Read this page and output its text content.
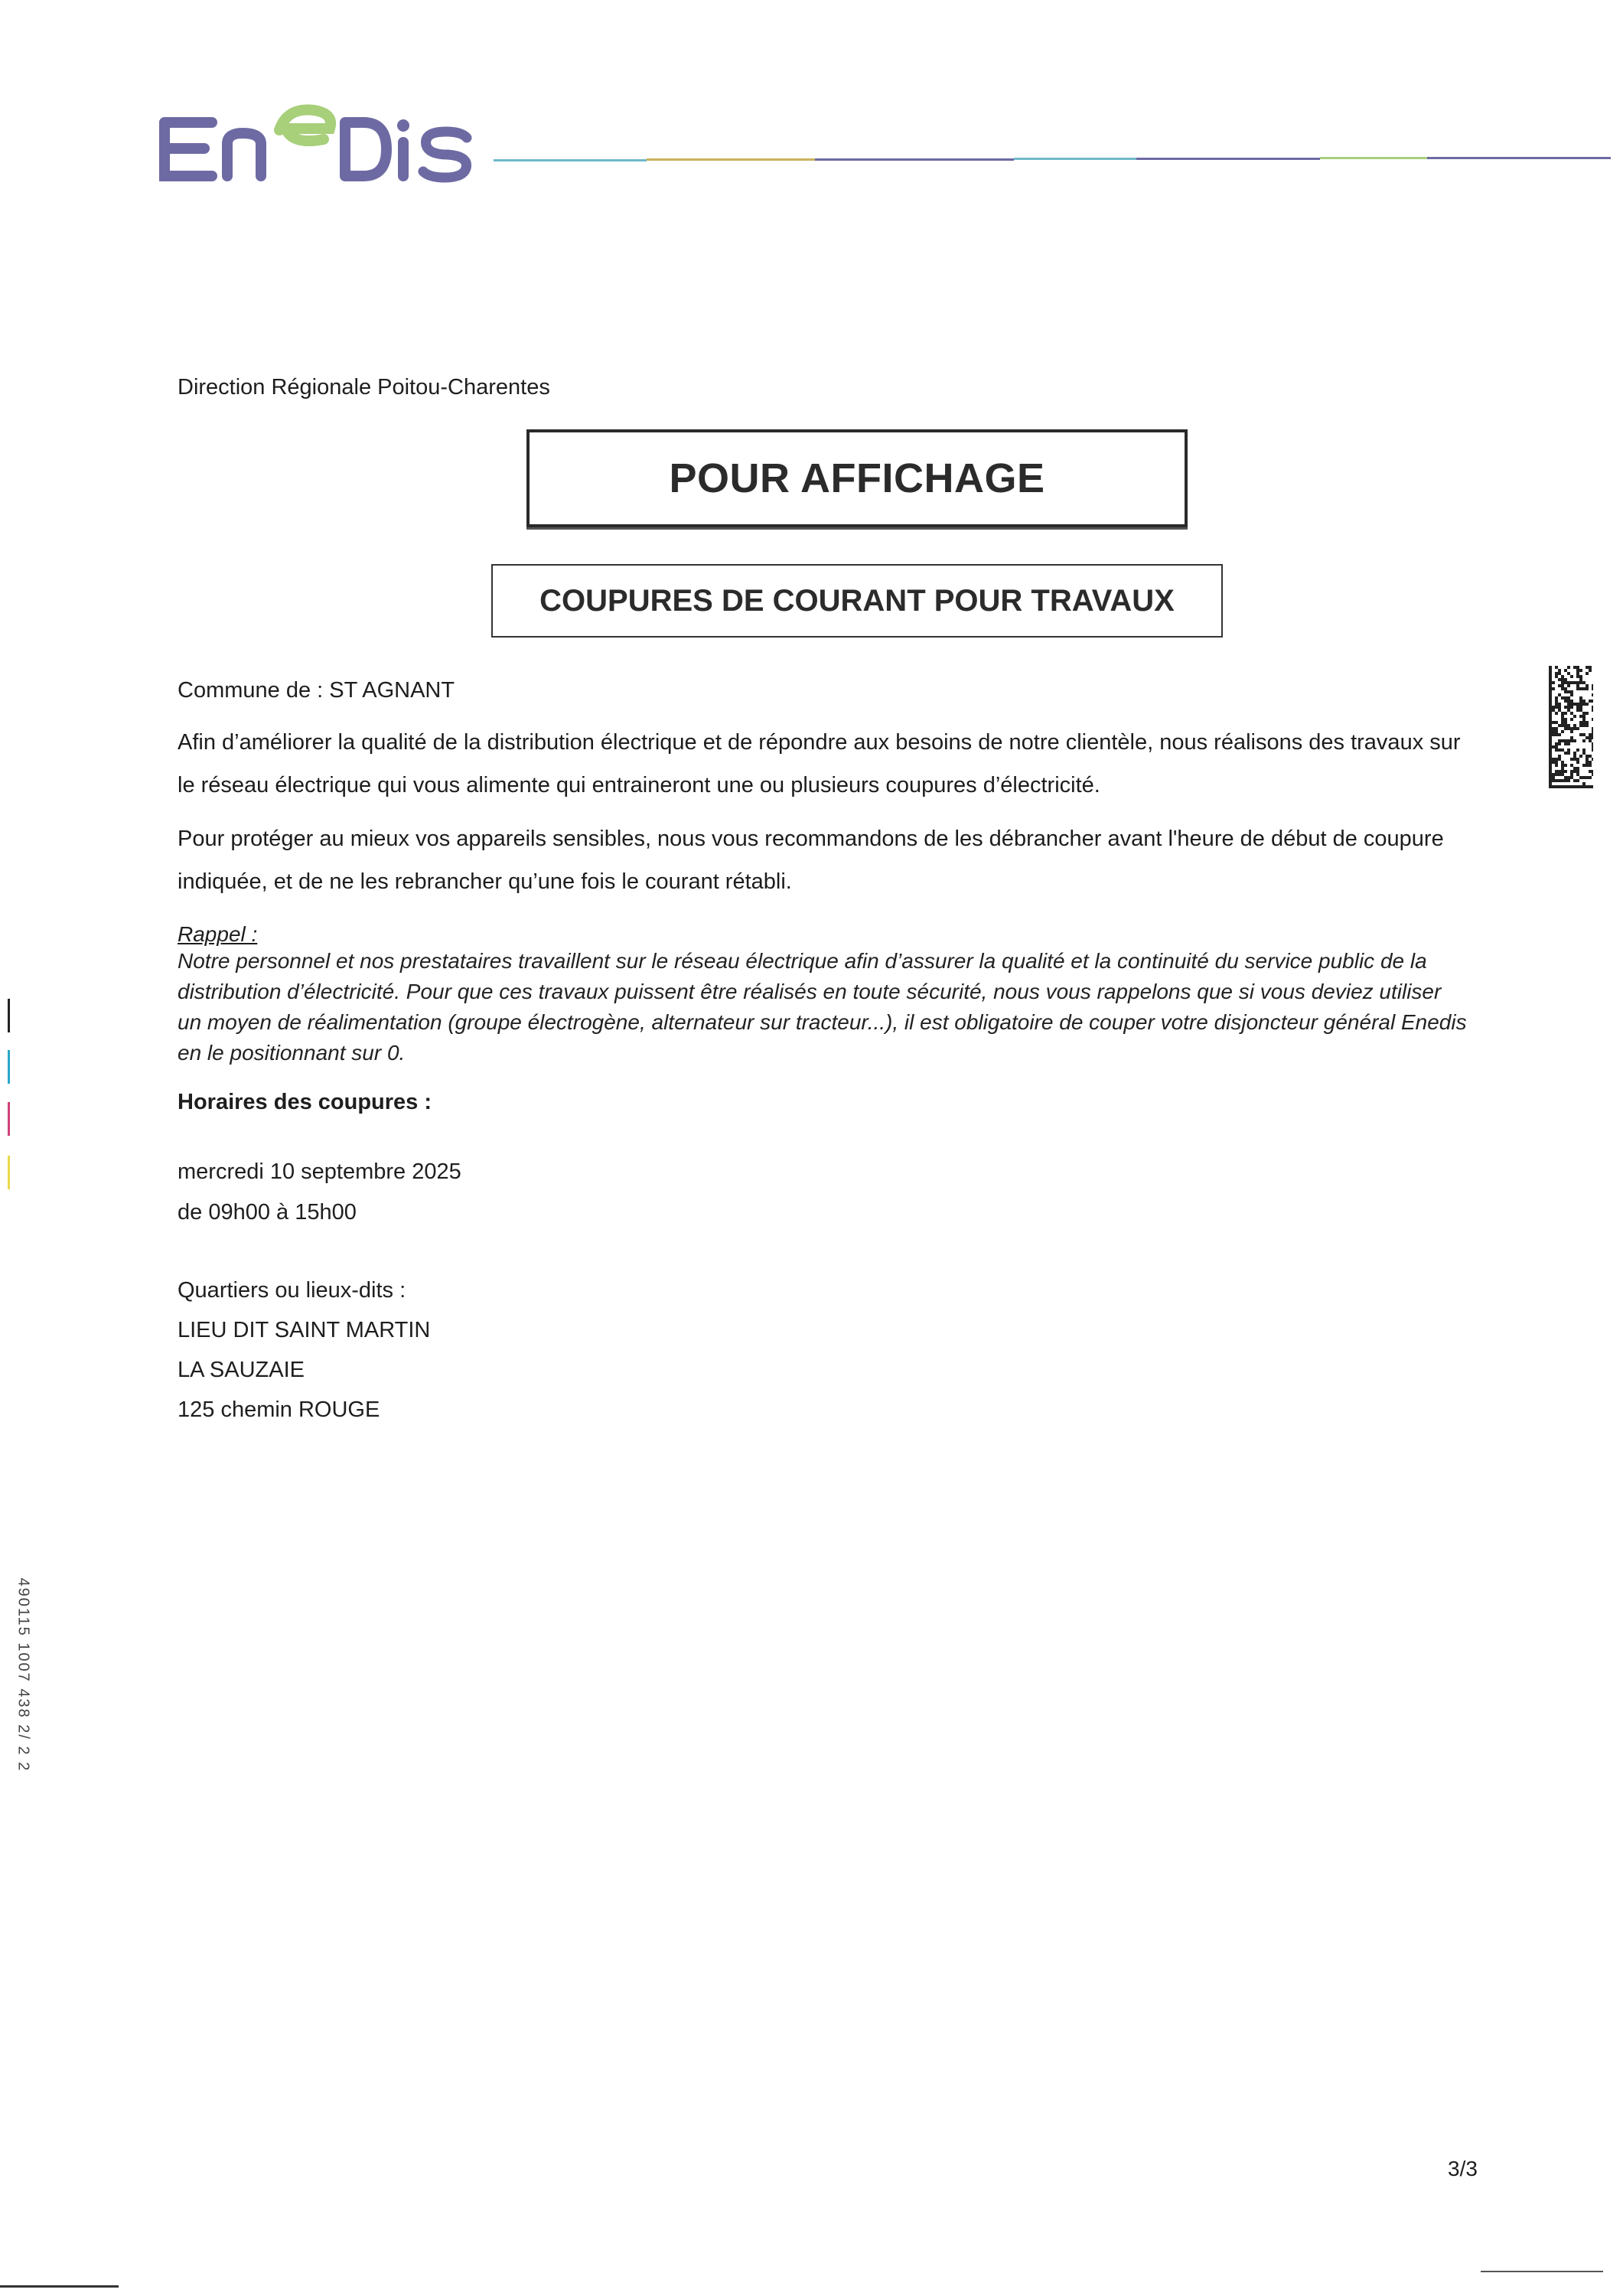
Direction Régionale Poitou-Charentes
POUR AFFICHAGE
COUPURES DE COURANT POUR TRAVAUX
Commune de : ST AGNANT
Afin d’améliorer la qualité de la distribution électrique et de répondre aux besoins de notre clientèle, nous réalisons des travaux sur le réseau électrique qui vous alimente qui entraineront une ou plusieurs coupures d’électricité.
Pour protéger au mieux vos appareils sensibles, nous vous recommandons de les débrancher avant l'heure de début de coupure indiquée, et de ne les rebrancher qu’une fois le courant rétabli.
Rappel :
Notre personnel et nos prestataires travaillent sur le réseau électrique afin d’assurer la qualité et la continuité du service public de la distribution d’électricité. Pour que ces travaux puissent être réalisés en toute sécurité, nous vous rappelons que si vous deviez utiliser un moyen de réalimentation (groupe électrogène, alternateur sur tracteur...), il est obligatoire de couper votre disjoncteur général Enedis en le positionnant sur 0.
Horaires des coupures :
mercredi 10 septembre 2025
de 09h00 à 15h00
Quartiers ou lieux-dits :
LIEU DIT SAINT MARTIN
LA SAUZAIE
125 chemin ROUGE
3/3
490115 1007 438 2/ 2 2
